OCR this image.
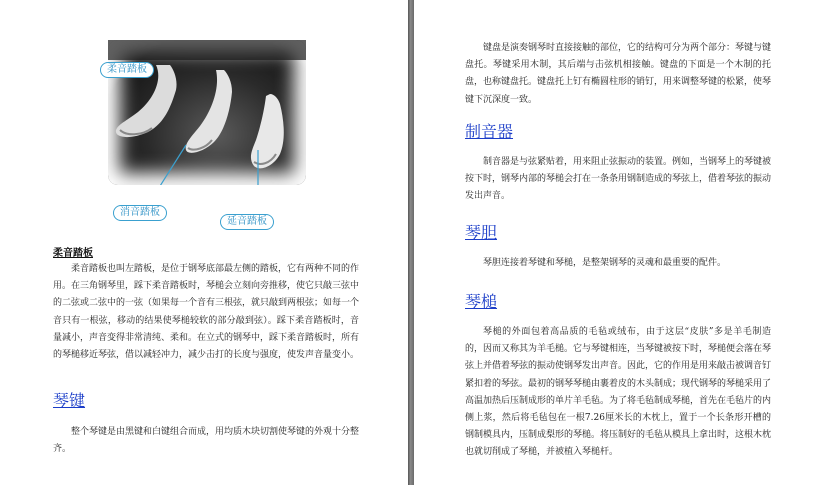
柔音踏板
消音踏板
延音踏板
柔音踏板

柔音踏板也叫左踏板，是位于钢琴底部最左侧的踏板，它有两种不同的作用。在三角钢琴里，踩下柔音踏板时，琴槌会立刻向旁推移，使它只敲三弦中的二弦或二弦中的一弦（如果每一个音有三根弦，就只敲到两根弦；如每一个音只有一根弦，移动的结果使琴槌较软的部分敲到弦）。踩下柔音踏板时，音量减小，声音变得非常清纯、柔和。在立式的钢琴中，踩下柔音踏板时，所有的琴槌移近琴弦，借以减轻冲力，减少击打的长度与强度，使发声音量变小。

琴键

整个琴键是由黑键和白键组合而成，用均质木块切割使琴键的外观十分整齐。

键盘是演奏钢琴时直接接触的部位，它的结构可分为两个部分：琴键与键盘托。琴键采用木制，其后端与击弦机相接触。键盘的下面是一个木制的托盘，也称键盘托。键盘托上钉有椭圆柱形的销钉，用来调整琴键的松紧，使琴键下沉深度一致。

制音器

制音器是与弦紧贴着，用来阻止弦振动的装置。例如，当钢琴上的琴键被按下时，钢琴内部的琴槌会打在一条条用钢制造成的琴弦上，借着琴弦的振动发出声音。

琴胆

琴胆连接着琴键和琴槌，是整架钢琴的灵魂和最重要的配件。

琴槌

琴槌的外面包着高品质的毛毡或绒布，由于这层“皮肤”多是羊毛制造的，因而又称其为羊毛槌。它与琴键相连，当琴键被按下时，琴槌便会落在琴弦上并借着琴弦的振动使钢琴发出声音。因此，它的作用是用来敲击被调音钉紧扣着的琴弦。最初的钢琴琴槌由裹着皮的木头制成；现代钢琴的琴槌采用了高温加热后压制成形的单片羊毛毡。为了将毛毡制成琴槌，首先在毛毡片的内侧上浆，然后将毛毡包在一根7.26厘米长的木枕上，置于一个长条形开槽的钢制模具内，压制成梨形的琴槌。将压制好的毛毡从模具上拿出时，这根木枕也就切削成了琴槌，并被植入琴槌杆。
